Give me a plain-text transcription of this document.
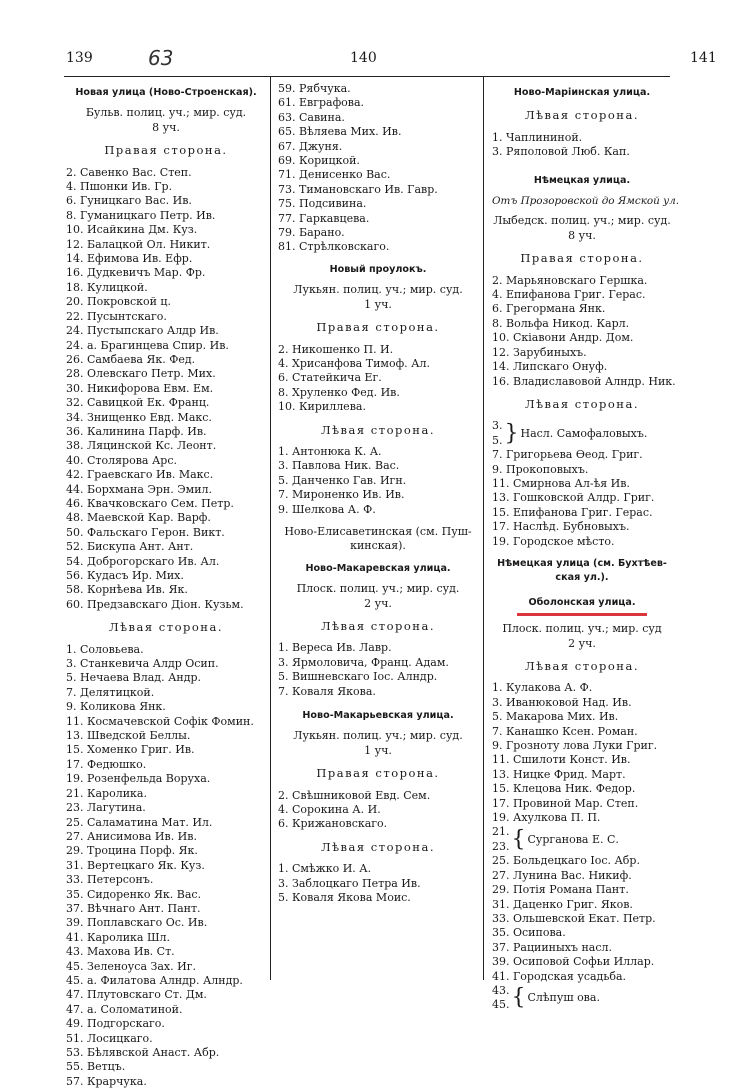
139	63	140	141
Новая улица (Ново-Строенская).
Бульв. полиц. уч.; мир. суд.
8 уч.
Правая сторона.
2. Савенко Вас. Степ.
4. Пшонки Ив. Гр.
6. Гуницкаго Вас. Ив.
8. Гуманицкаго Петр. Ив.
10. Исайкина Дм. Куз.
12. Балацкой Ол. Никит.
14. Ефимова Ив. Ефр.
16. Дудкевичъ Мар. Фр.
18. Кулицкой.
20. Покровской ц.
22. Пусынтскаго.
24. Пустыпскаго Алдр Ив.
24. а. Брагинцева Спир. Ив.
26. Самбаева Як. Фед.
28. Олевскаго Петр. Мих.
30. Никифорова Евм. Ем.
32. Савицкой Ек. Франц.
34. Знищенко Евд. Макс.
36. Калинина Парф. Ив.
38. Ляцинской Кс. Леонт.
40. Столярова Арс.
42. Граевскаго Ив. Макс.
44. Борхмана Эрн. Эмил.
46. Квачковскаго Сем. Петр.
48. Маевской Кар. Варф.
50. Фальскаго Герон. Викт.
52. Бискупа Ант. Ант.
54. Доброгорскаго Ив. Ал.
56. Кудасъ Ир. Мих.
58. Корнѣева Ив. Як.
60. Предзавскаго Діон. Кузьм.
Лѣвая сторона.
1. Соловьева.
3. Станкевича Алдр Осип.
5. Нечаева Влад. Андр.
7. Делятицкой.
9. Коликова Янк.
11. Космачевской Софік Фомин.
13. Шведской Беллы.
15. Хоменко Григ. Ив.
17. Федюшко.
19. Розенфельда Воруха.
21. Каролика.
23. Лагутина.
25. Саламатина Мат. Ил.
27. Анисимова Ив. Ив.
29. Троцина Порф. Як.
31. Вертецкаго Як. Куз.
33. Петерсонъ.
35. Сидоренко Як. Вас.
37. Вѣчнаго Ант. Пант.
39. Поплавскаго Ос. Ив.
41. Каролика Шл.
43. Махова Ив. Ст.
45. Зеленоуса Зах. Иг.
45. а. Филатова Алндр. Алндр.
47. Плутовскаго Ст. Дм.
47. а. Соломатиной.
49. Подгорскаго.
51. Лосицкаго.
53. Бѣлявской Анаст. Абр.
55. Ветцъ.
57. Крарчука.
59. Рябчука.
61. Евграфова.
63. Савина.
65. Вѣляева Мих. Ив.
67. Джуня.
69. Корицкой.
71. Денисенко Вас.
73. Тимановскаго Ив. Гавр.
75. Подсивина.
77. Гаркавцева.
79. Барано.
81. Стрѣлковскаго.
Новый проулокъ.
Лукьян. полиц. уч.; мир. суд.
1 уч.
Правая сторона.
2. Никошенко П. И.
4. Хрисанфова Тимоф. Ал.
6. Статейкича Ег.
8. Хруленко Фед. Ив.
10. Кириллева.
Лѣвая сторона.
1. Антонюка К. А.
3. Павлова Ник. Вас.
5. Данченко Гав. Игн.
7. Мироненко Ив. Ив.
9. Шелкова А. Ф.
Ново-Елисаветинская (см. Пуш-
кинская).
Ново-Макаревская улица.
Плоск. полиц. уч.; мир. суд.
2 уч.
Лѣвая сторона.
1. Вереса Ив. Лавр.
3. Ярмоловича, Франц. Адам.
5. Вишневскаго Іос. Алндр.
7. Коваля Якова.
Ново-Макарьевская улица.
Лукьян. полиц. уч.; мир. суд.
1 уч.
Правая сторона.
2. Свѣшниковой Евд. Сем.
4. Сорокина А. И.
6. Крижановскаго.
Лѣвая сторона.
1. Смѣжко И. А.
3. Заблоцкаго Петра Ив.
5. Коваля Якова Моис.
Ново-Маріинская улица.
Лѣвая сторона.
1. Чаплининой.
3. Ряполовой Люб. Кап.
Нѣмецкая улица.
Отъ Прозоровской до Ямской ул.
Лыбедск. полиц. уч.; мир. суд.
8 уч.
Правая сторона.
2. Марьяновскаго Гершка.
4. Епифанова Григ. Герас.
6. Грегормана Янк.
8. Вольфа Никод. Карл.
10. Скіавони Андр. Дом.
12. Зарубиныхъ.
14. Липскаго Онуф.
16. Владиславовой Алндр. Ник.
Лѣвая сторона.
3.
5. } Насл. Самофаловыхъ.
7. Григорьева Ѳеод. Григ.
9. Прокоповыхъ.
11. Смирнова Ал-ѣя Ив.
13. Гошковской Алдр. Григ.
15. Епифанова Григ. Герас.
17. Наслѣд. Бубновыхъ.
19. Городское мѣсто.
Нѣмецкая улица (см. Бухтѣев-
ская ул.).
Оболонская улица.
Плоск. полиц. уч.; мир. суд
2 уч.
Лѣвая сторона.
1. Кулакова А. Ф.
3. Иванюковой Над. Ив.
5. Макарова Мих. Ив.
7. Канашко Ксен. Роман.
9. Грозноту лова Луки Григ.
11. Сшилоти Конст. Ив.
13. Ницке Фрид. Март.
15. Клецова Ник. Федор.
17. Провиной Мар. Степ.
19. Ахулкова П. П.
21.
23. { Сурганова Е. С.
25. Больдецкаго Іос. Абр.
27. Лунина Вас. Никиф.
29. Потія Романа Пант.
31. Даценко Григ. Яков.
33. Ольшевской Екат. Петр.
35. Осипова.
37. Рацииныхъ насл.
39. Осиповой Софьи Иллар.
41. Городская усадьба.
43.
45. { Слѣпуш ова.
